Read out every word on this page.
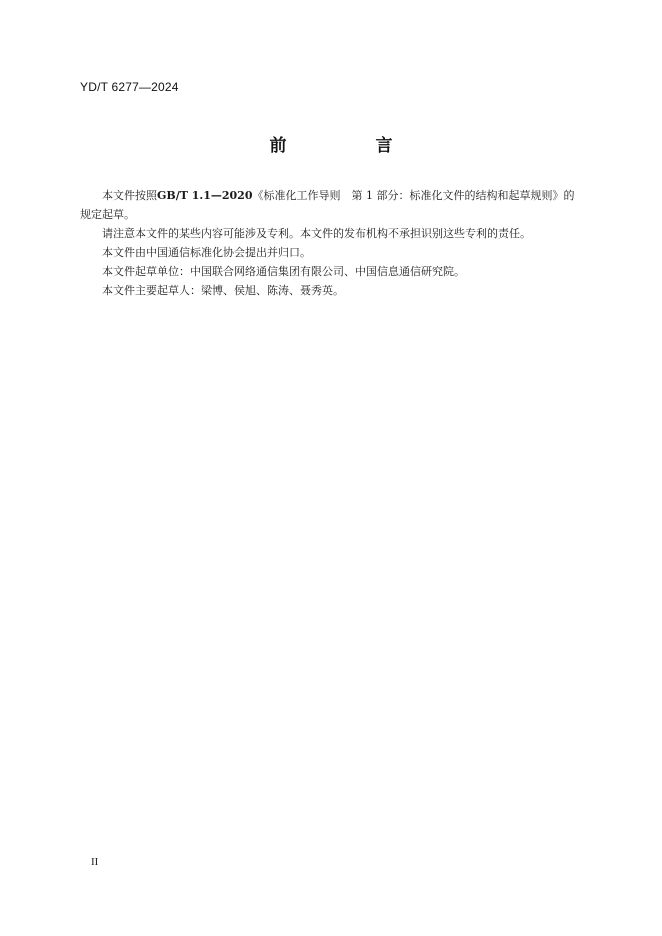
YD/T 6277—2024
前　言

本文件按照GB/T 1.1—2020《标准化工作导则　第 1 部分：标准化文件的结构和起草规则》的规定起草。

请注意本文件的某些内容可能涉及专利。本文件的发布机构不承担识别这些专利的责任。

本文件由中国通信标准化协会提出并归口。

本文件起草单位：中国联合网络通信集团有限公司、中国信息通信研究院。

本文件主要起草人：梁博、侯旭、陈涛、聂秀英。

II
